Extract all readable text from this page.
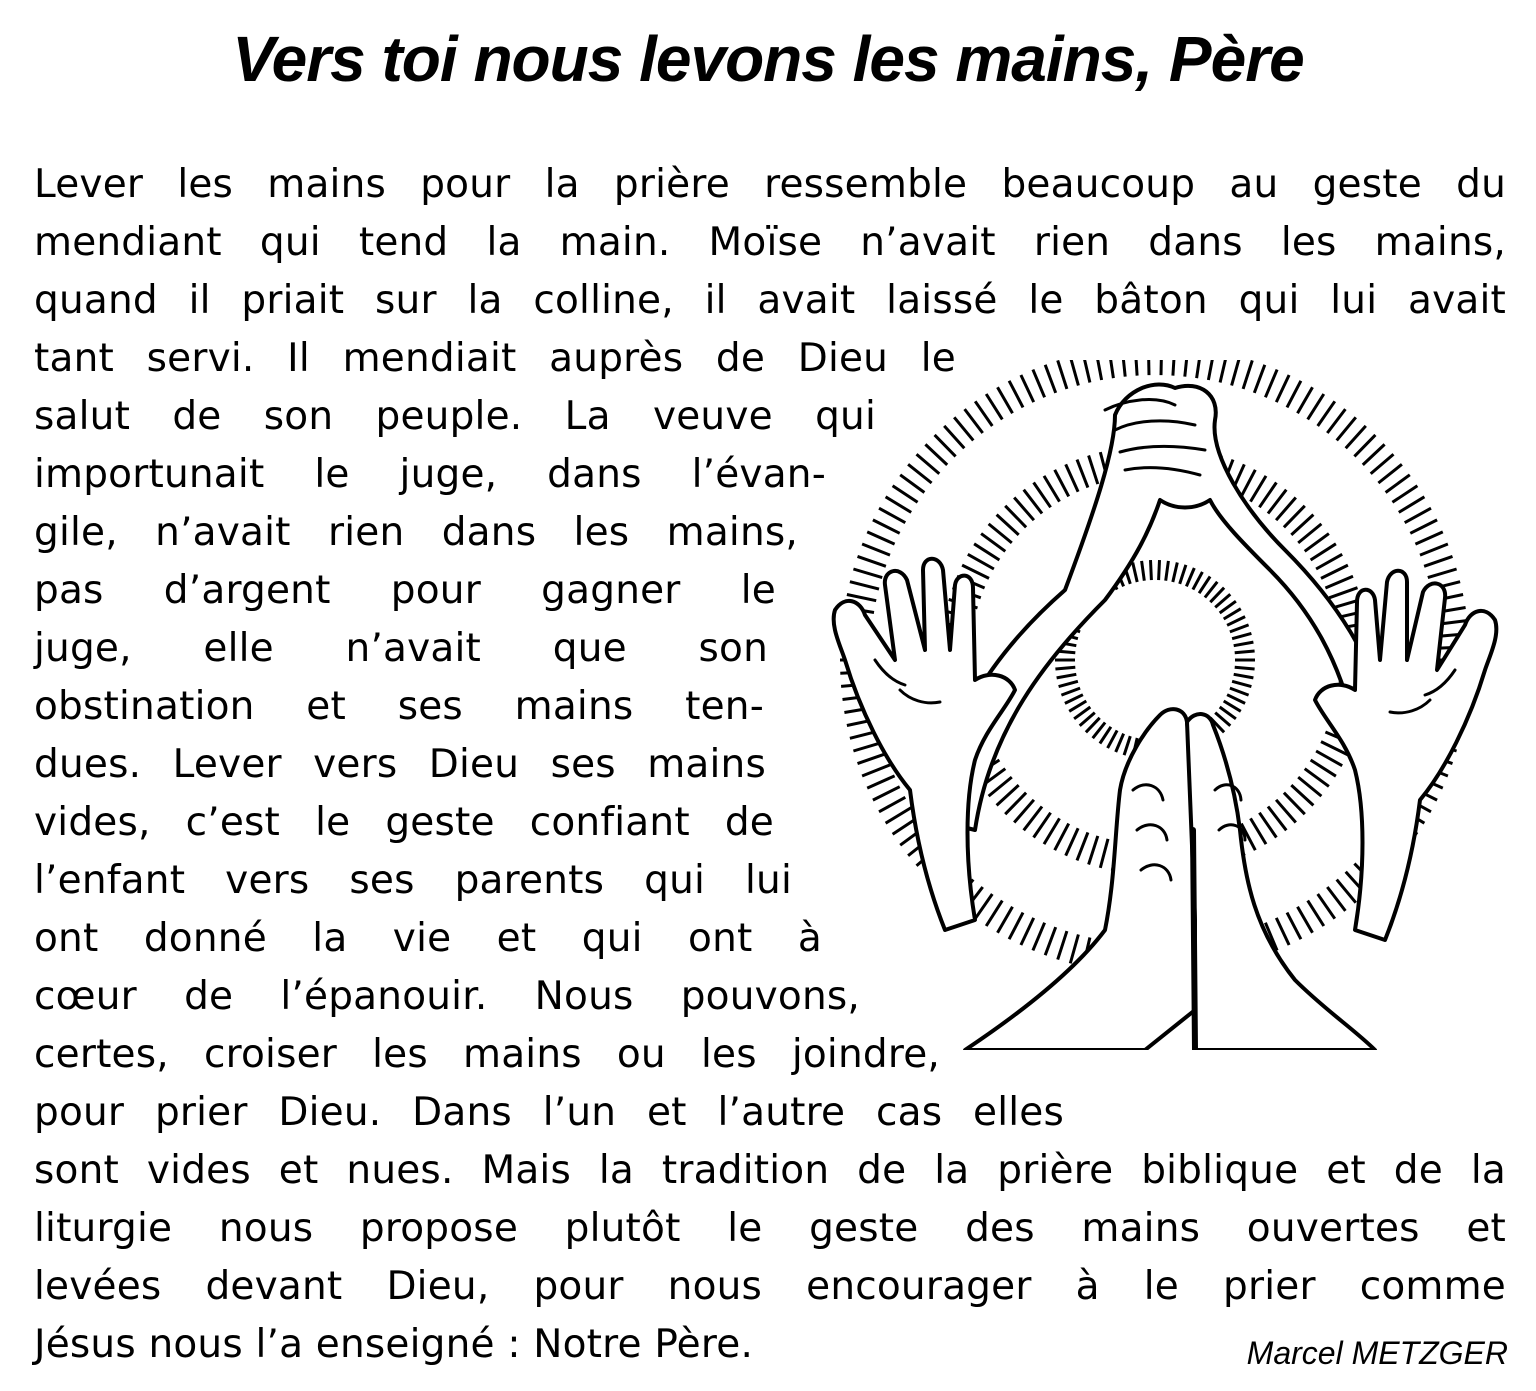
Vers toi nous levons les mains, Père
Lever les mains pour la prière ressemble beaucoup au geste du
mendiant qui tend la main. Moïse n’avait rien dans les mains,
quand il priait sur la colline, il avait laissé le bâton qui lui avait
tant servi. Il mendiait auprès de Dieu le
salut de son peuple. La veuve qui
importunait le juge, dans l’évan-
gile, n’avait rien dans les mains,
pas d’argent pour gagner le
juge, elle n’avait que son
obstination et ses mains ten-
dues. Lever vers Dieu ses mains
vides, c’est le geste confiant de
l’enfant vers ses parents qui lui
ont donné la vie et qui ont à
cœur de l’épanouir. Nous pouvons,
certes, croiser les mains ou les joindre,
pour prier Dieu. Dans l’un et l’autre cas elles
sont vides et nues. Mais la tradition de la prière biblique et de la
liturgie nous propose plutôt le geste des mains ouvertes et
levées devant Dieu, pour nous encourager à le prier comme
Jésus nous l’a enseigné : Notre Père.	Marcel METZGER
